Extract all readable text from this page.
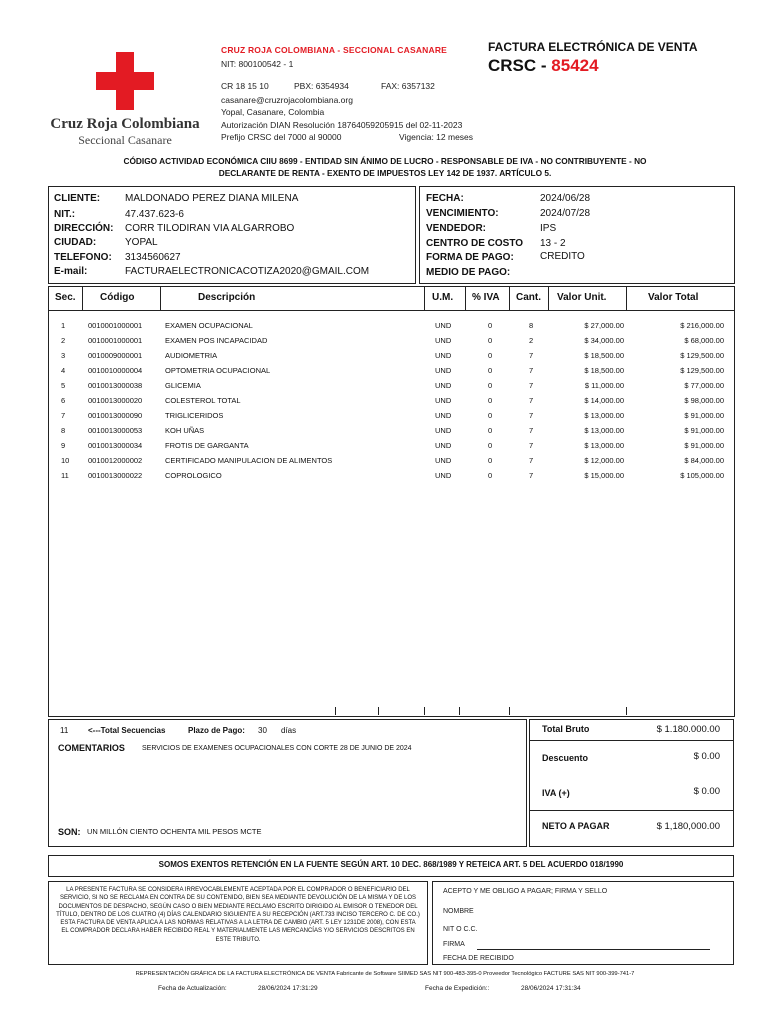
Cruz Roja Colombiana
Seccional Casanare
CRUZ ROJA COLOMBIANA - SECCIONAL CASANARE
NIT: 800100542 - 1
CR 18 15 10	PBX: 6354934	FAX: 6357132
casanare@cruzrojacolombiana.org
Yopal, Casanare, Colombia
Autorización DIAN Resolución 18764059205915 del 02-11-2023
Prefijo CRSC del 7000 al 90000	Vigencia: 12 meses
FACTURA ELECTRÓNICA DE VENTA
CRSC - 85424
CÓDIGO ACTIVIDAD ECONÓMICA CIIU 8699 - ENTIDAD SIN ÁNIMO DE LUCRO - RESPONSABLE DE IVA - NO CONTRIBUYENTE - NO
DECLARANTE DE RENTA - EXENTO DE IMPUESTOS LEY 142 DE 1937. ARTÍCULO 5.
CLIENTE: MALDONADO PEREZ DIANA MILENA
NIT.:	47.437.623-6
DIRECCIÓN: CORR TILODIRAN VIA ALGARROBO
CIUDAD:	YOPAL
TELEFONO: 3134560627
E-mail:	FACTURAELECTRONICACOTIZA2020@GMAIL.COM
FECHA:	2024/06/28
VENCIMIENTO:	2024/07/28
VENDEDOR:	IPS
CENTRO DE COSTO 13 - 2
FORMA DE PAGO:	CREDITO
MEDIO DE PAGO:
Sec. Código	Descripción	U.M. % IVA Cant. Valor Unit.	Valor Total
1	0010001000001	EXAMEN OCUPACIONAL	UND	0	8	$ 27,000.00	$ 216,000.00
2	0010001000001	EXAMEN POS INCAPACIDAD	UND	0	2	$ 34,000.00	$ 68,000.00
3	0010009000001	AUDIOMETRIA	UND	0	7	$ 18,500.00	$ 129,500.00
4	0010010000004	OPTOMETRIA OCUPACIONAL	UND	0	7	$ 18,500.00	$ 129,500.00
5	0010013000038	GLICEMIA	UND	0	7	$ 11,000.00	$ 77,000.00
6	0010013000020	COLESTEROL TOTAL	UND	0	7	$ 14,000.00	$ 98,000.00
7	0010013000090	TRIGLICERIDOS	UND	0	7	$ 13,000.00	$ 91,000.00
8	0010013000053	KOH UÑAS	UND	0	7	$ 13,000.00	$ 91,000.00
9	0010013000034	FROTIS DE GARGANTA	UND	0	7	$ 13,000.00	$ 91,000.00
10 0010012000002	CERTIFICADO MANIPULACION DE ALIMENTOS	UND	0	7	$ 12,000.00	$ 84,000.00
11	0010013000022	COPROLOGICO	UND	0	7	$ 15,000.00	$ 105,000.00
11 <---Total Secuencias	Plazo de Pago: 30 días
COMENTARIOS SERVICIOS DE EXAMENES OCUPACIONALES CON CORTE 28 DE JUNIO DE 2024
SON: UN MILLÓN CIENTO OCHENTA MIL PESOS MCTE
Total Bruto	$ 1.180.000.00
Descuento	$ 0.00
IVA (+)	$ 0.00
NETO A PAGAR	$ 1,180,000.00
SOMOS EXENTOS RETENCIÓN EN LA FUENTE SEGÚN ART. 10 DEC. 868/1989 Y RETEICA ART. 5 DEL ACUERDO 018/1990
LA PRESENTE FACTURA SE CONSIDERA IRREVOCABLEMENTE ACEPTADA POR EL COMPRADOR O BENEFICIARIO DEL SERVICIO, SI NO SE RECLAMA EN CONTRA DE SU CONTENIDO, BIEN SEA MEDIANTE DEVOLUCIÓN DE LA MISMA Y DE LOS DOCUMENTOS DE DESPACHO, SEGÚN CASO O BIEN MEDIANTE RECLAMO ESCRITO DIRIGIDO AL EMISOR O TENEDOR DEL TÍTULO, DENTRO DE LOS CUATRO (4) DÍAS CALENDARIO SIGUIENTE A SU RECEPCIÓN (ART.733 INCISO TERCERO C. DE CO.) ESTA FACTURA DE VENTA APLICA A LAS NORMAS RELATIVAS A LA LETRA DE CAMBIO (ART. 5 LEY 1231DE 2008), CON ESTA EL COMPRADOR DECLARA HABER RECIBIDO REAL Y MATERIALMENTE LAS MERCANCÍAS Y/O SERVICIOS DESCRITOS EN ESTE TRIBUTO.
ACEPTO Y ME OBLIGO A PAGAR; FIRMA Y SELLO
NOMBRE
NIT O C.C.
FIRMA
FECHA DE RECIBIDO
REPRESENTACIÓN GRÁFICA DE LA FACTURA ELECTRÓNICA DE VENTA Fabricante de Software SIIMED SAS NIT 900-483-395-0 Proveedor Tecnológico FACTURE SAS NIT 900-399-741-7
Fecha de Actualización:	28/06/2024 17:31:29	Fecha de Expedición::	28/06/2024 17:31:34
